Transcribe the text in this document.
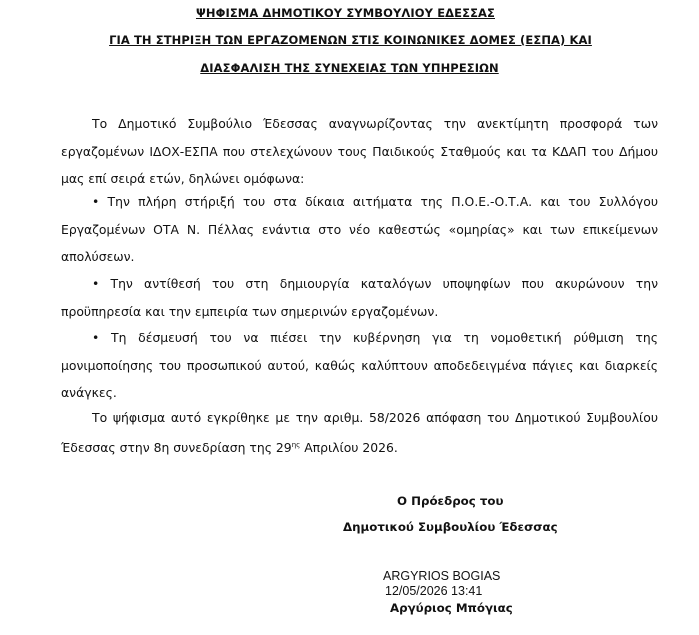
ΨΗΦΙΣΜΑ ΔΗΜΟΤΙΚΟΥ ΣΥΜΒΟΥΛΙΟΥ ΕΔΕΣΣΑΣ
ΓΙΑ ΤΗ ΣΤΗΡΙΞΗ ΤΩΝ ΕΡΓΑΖΟΜΕΝΩΝ ΣΤΙΣ ΚΟΙΝΩΝΙΚΕΣ ΔΟΜΕΣ (ΕΣΠΑ) ΚΑΙ
ΔΙΑΣΦΑΛΙΣΗ ΤΗΣ ΣΥΝΕΧΕΙΑΣ ΤΩΝ ΥΠΗΡΕΣΙΩΝ

Το Δημοτικό Συμβούλιο Έδεσσας αναγνωρίζοντας την ανεκτίμητη προσφορά των εργαζομένων ΙΔΟΧ-ΕΣΠΑ που στελεχώνουν τους Παιδικούς Σταθμούς και τα ΚΔΑΠ του Δήμου μας επί σειρά ετών, δηλώνει ομόφωνα:

• Την πλήρη στήριξή του στα δίκαια αιτήματα της Π.Ο.Ε.-Ο.Τ.Α. και του Συλλόγου Εργαζομένων ΟΤΑ Ν. Πέλλας ενάντια στο νέο καθεστώς «ομηρίας» και των επικείμενων απολύσεων.

• Την αντίθεσή του στη δημιουργία καταλόγων υποψηφίων που ακυρώνουν την προϋπηρεσία και την εμπειρία των σημερινών εργαζομένων.

• Τη δέσμευσή του να πιέσει την κυβέρνηση για τη νομοθετική ρύθμιση της μονιμοποίησης του προσωπικού αυτού, καθώς καλύπτουν αποδεδειγμένα πάγιες και διαρκείς ανάγκες.

Το ψήφισμα αυτό εγκρίθηκε με την αριθμ. 58/2026 απόφαση του Δημοτικού Συμβουλίου Έδεσσας στην 8η συνεδρίαση της $29^{\eta\varsigma}$ Απριλίου 2026.

Ο Πρόεδρος του
Δημοτικού Συμβουλίου Έδεσσας
ARGYRIOS BOGIAS
12/05/2026 13:41
Αργύριος Μπόγιας
